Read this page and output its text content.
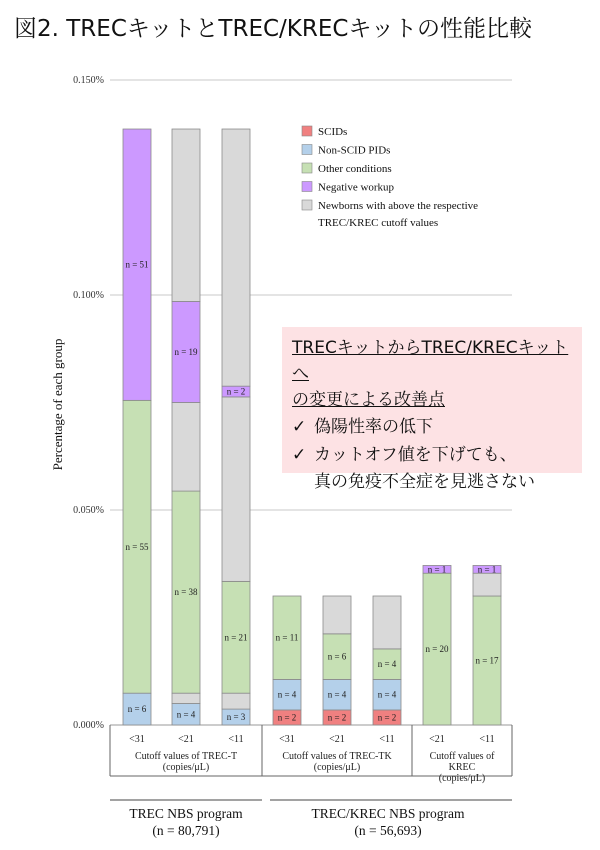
図2. TRECキットとTREC/KRECキットの性能比較
0.000%
0.050%
0.100%
0.150%
Percentage of each group
n = 6
n = 55
n = 51
<31
n = 4
n = 38
n = 19
<21
n = 3
n = 21
n = 2
<11
n = 2
n = 4
n = 11
<31
n = 2
n = 4
n = 6
<21
n = 2
n = 4
n = 4
<11
n = 20
n = 1
<21
n = 17
n = 1
<11
Cutoff values of TREC-T
(copies/μL)
Cutoff values of TREC-TK
(copies/μL)
Cutoff values of
KREC
(copies/μL)
TREC NBS program
(n = 80,791)
TREC/KREC NBS program
(n = 56,693)
SCIDs
Non-SCID PIDs
Other conditions
Negative workup
Newborns with above the respective
TREC/KREC cutoff values
TRECキットからTREC/KRECキットへ
の変更による改善点
✓ 偽陽性率の低下
✓ カットオフ値を下げても、
真の免疫不全症を見逃さない
